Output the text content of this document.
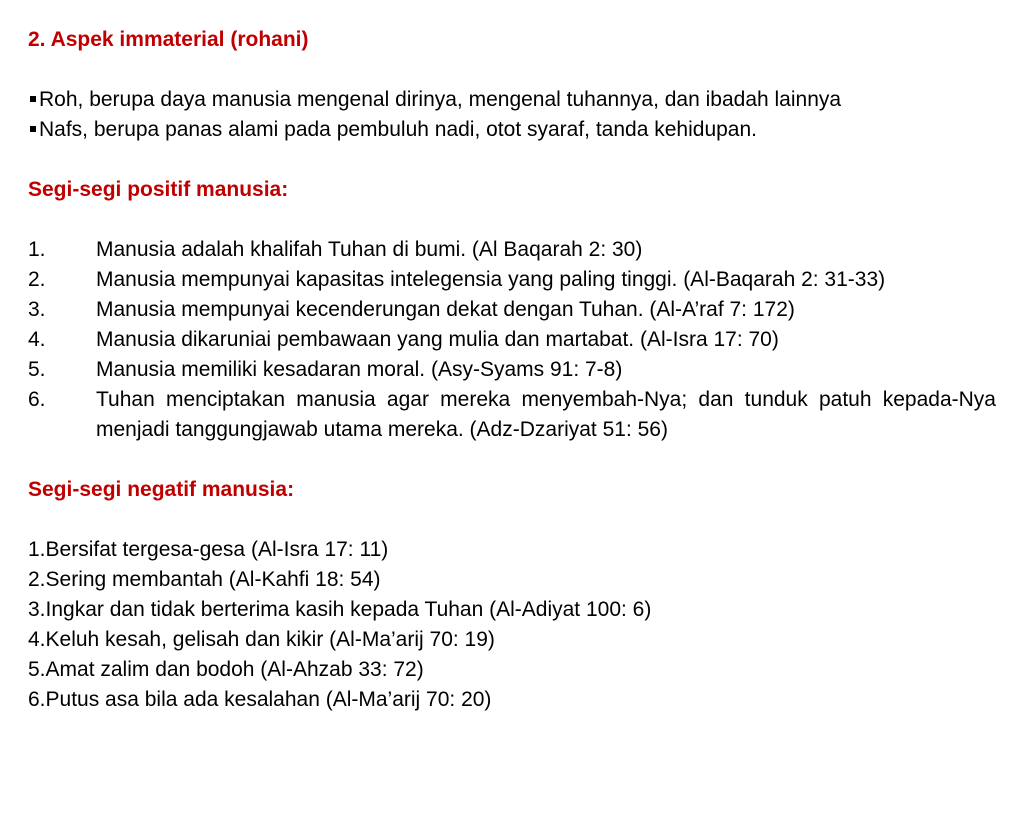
2. Aspek immaterial (rohani)

Roh, berupa daya manusia mengenal dirinya, mengenal tuhannya, dan ibadah lainnya

Nafs, berupa panas alami pada pembuluh nadi, otot syaraf, tanda kehidupan.

Segi-segi positif manusia:

1.	Manusia adalah khalifah Tuhan di bumi. (Al Baqarah 2: 30)
2.	Manusia mempunyai kapasitas intelegensia yang paling tinggi. (Al-Baqarah 2: 31-33)
3.	Manusia mempunyai kecenderungan dekat dengan Tuhan. (Al-A’raf 7: 172)
4.	Manusia dikaruniai pembawaan yang mulia dan martabat. (Al-Isra 17: 70)
5.	Manusia memiliki kesadaran moral. (Asy-Syams 91: 7-8)
6.	Tuhan menciptakan manusia agar mereka menyembah-Nya; dan tunduk patuh kepada-Nya menjadi tanggungjawab utama mereka. (Adz-Dzariyat 51: 56)

Segi-segi negatif manusia:

1.Bersifat tergesa-gesa (Al-Isra 17: 11)
2.Sering membantah (Al-Kahfi 18: 54)
3.Ingkar dan tidak berterima kasih kepada Tuhan (Al-Adiyat 100: 6)
4.Keluh kesah, gelisah dan kikir (Al-Ma’arij 70: 19)
5.Amat zalim dan bodoh (Al-Ahzab 33: 72)
6.Putus asa bila ada kesalahan (Al-Ma’arij 70: 20)
